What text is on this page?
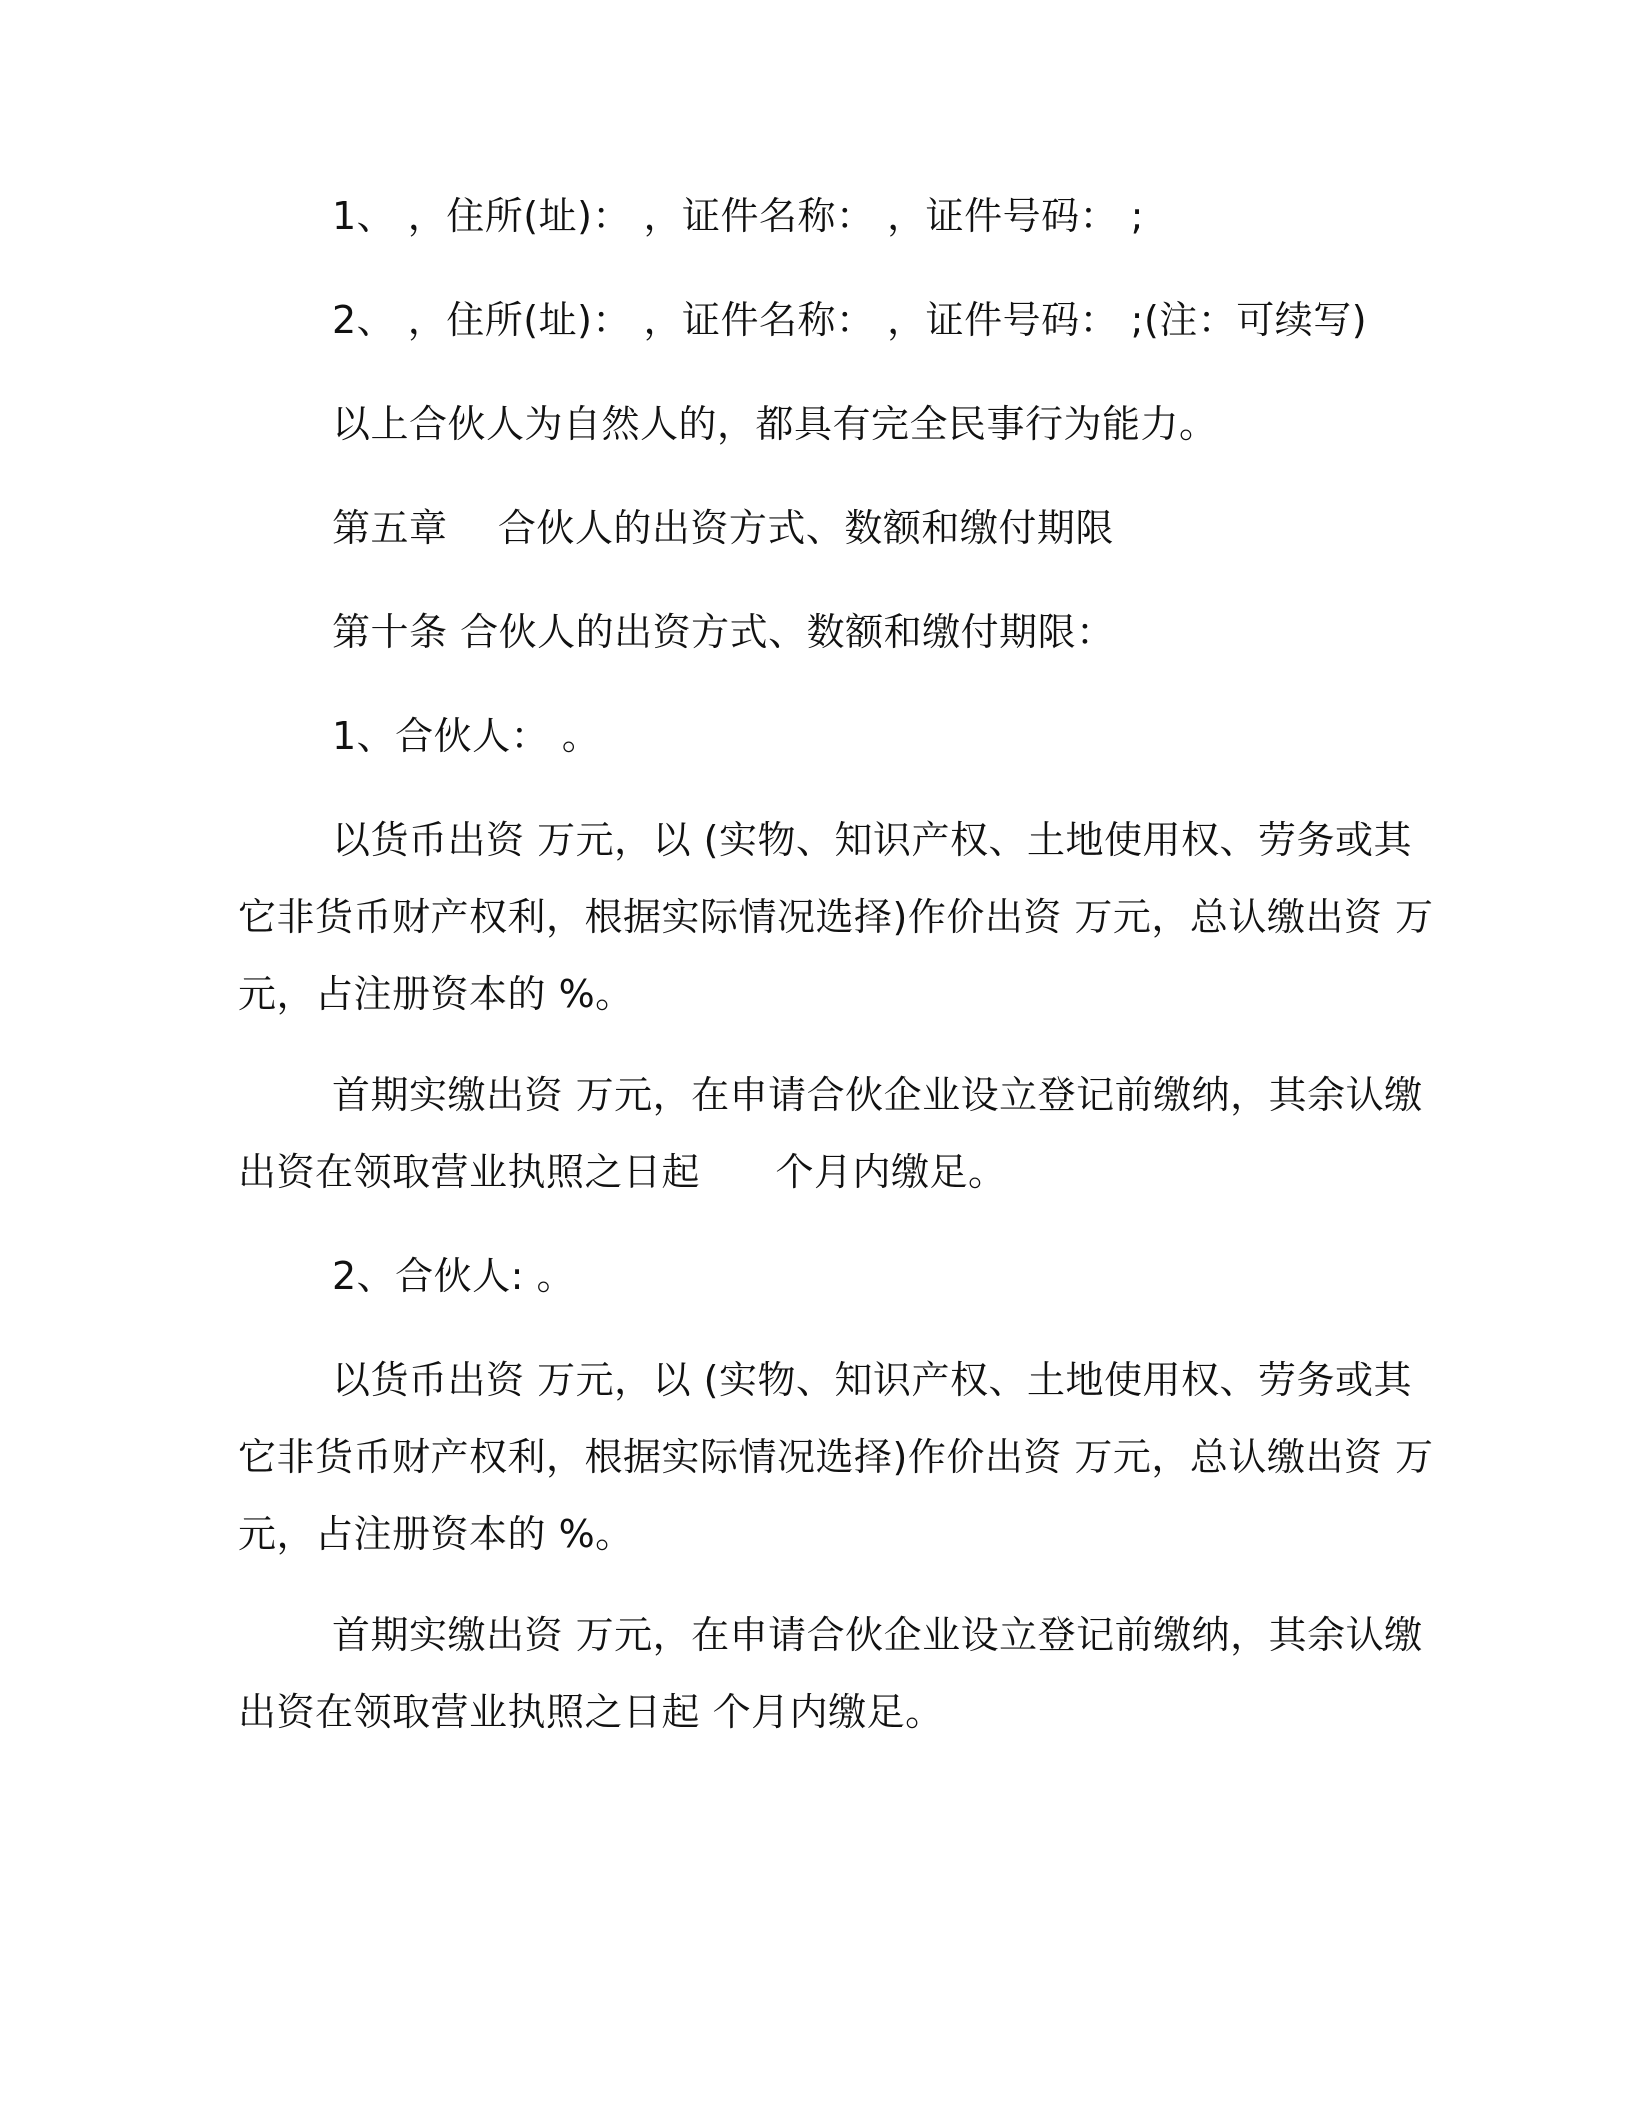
1、 ，住所(址)： ，证件名称： ，证件号码： ;
2、 ，住所(址)： ，证件名称： ，证件号码： ;(注：可续写)
以上合伙人为自然人的，都具有完全民事行为能力。
第五章    合伙人的出资方式、数额和缴付期限
第十条 合伙人的出资方式、数额和缴付期限：
1、合伙人： 。
以货币出资 万元，以 (实物、知识产权、土地使用权、劳务或其
它非货币财产权利，根据实际情况选择)作价出资 万元，总认缴出资 万
元，占注册资本的 %。
首期实缴出资 万元，在申请合伙企业设立登记前缴纳，其余认缴
出资在领取营业执照之日起      个月内缴足。
2、合伙人: 。
以货币出资 万元，以 (实物、知识产权、土地使用权、劳务或其
它非货币财产权利，根据实际情况选择)作价出资 万元，总认缴出资 万
元，占注册资本的 %。
首期实缴出资 万元，在申请合伙企业设立登记前缴纳，其余认缴
出资在领取营业执照之日起 个月内缴足。
